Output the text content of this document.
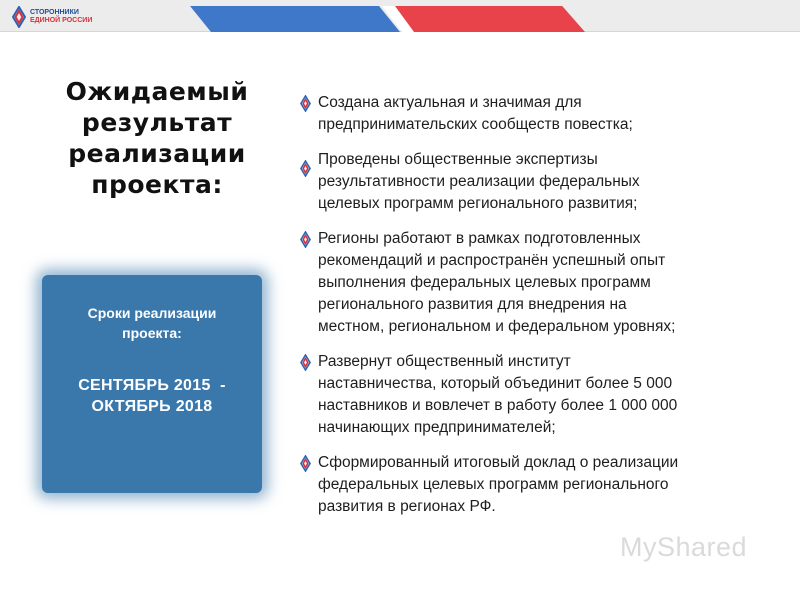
СТОРОННИКИ
ЕДИНОЙ РОССИИ
Ожидаемый
результат
реализации
проекта:
Сроки реализации
проекта:
СЕНТЯБРЬ 2015  -
ОКТЯБРЬ 2018
Создана актуальная и значимая для
предпринимательских сообществ повестка;
Проведены общественные экспертизы
результативности реализации федеральных
целевых программ регионального развития;
Регионы работают в рамках подготовленных
рекомендаций и распространён успешный опыт
выполнения федеральных целевых программ
регионального развития для внедрения на
местном, региональном и федеральном уровнях;
Развернут общественный институт
наставничества, который объединит более 5 000
наставников и вовлечет в работу более 1 000 000
начинающих предпринимателей;
Сформированный итоговый доклад о реализации
федеральных целевых программ регионального
развития в регионах РФ.
MyShared
